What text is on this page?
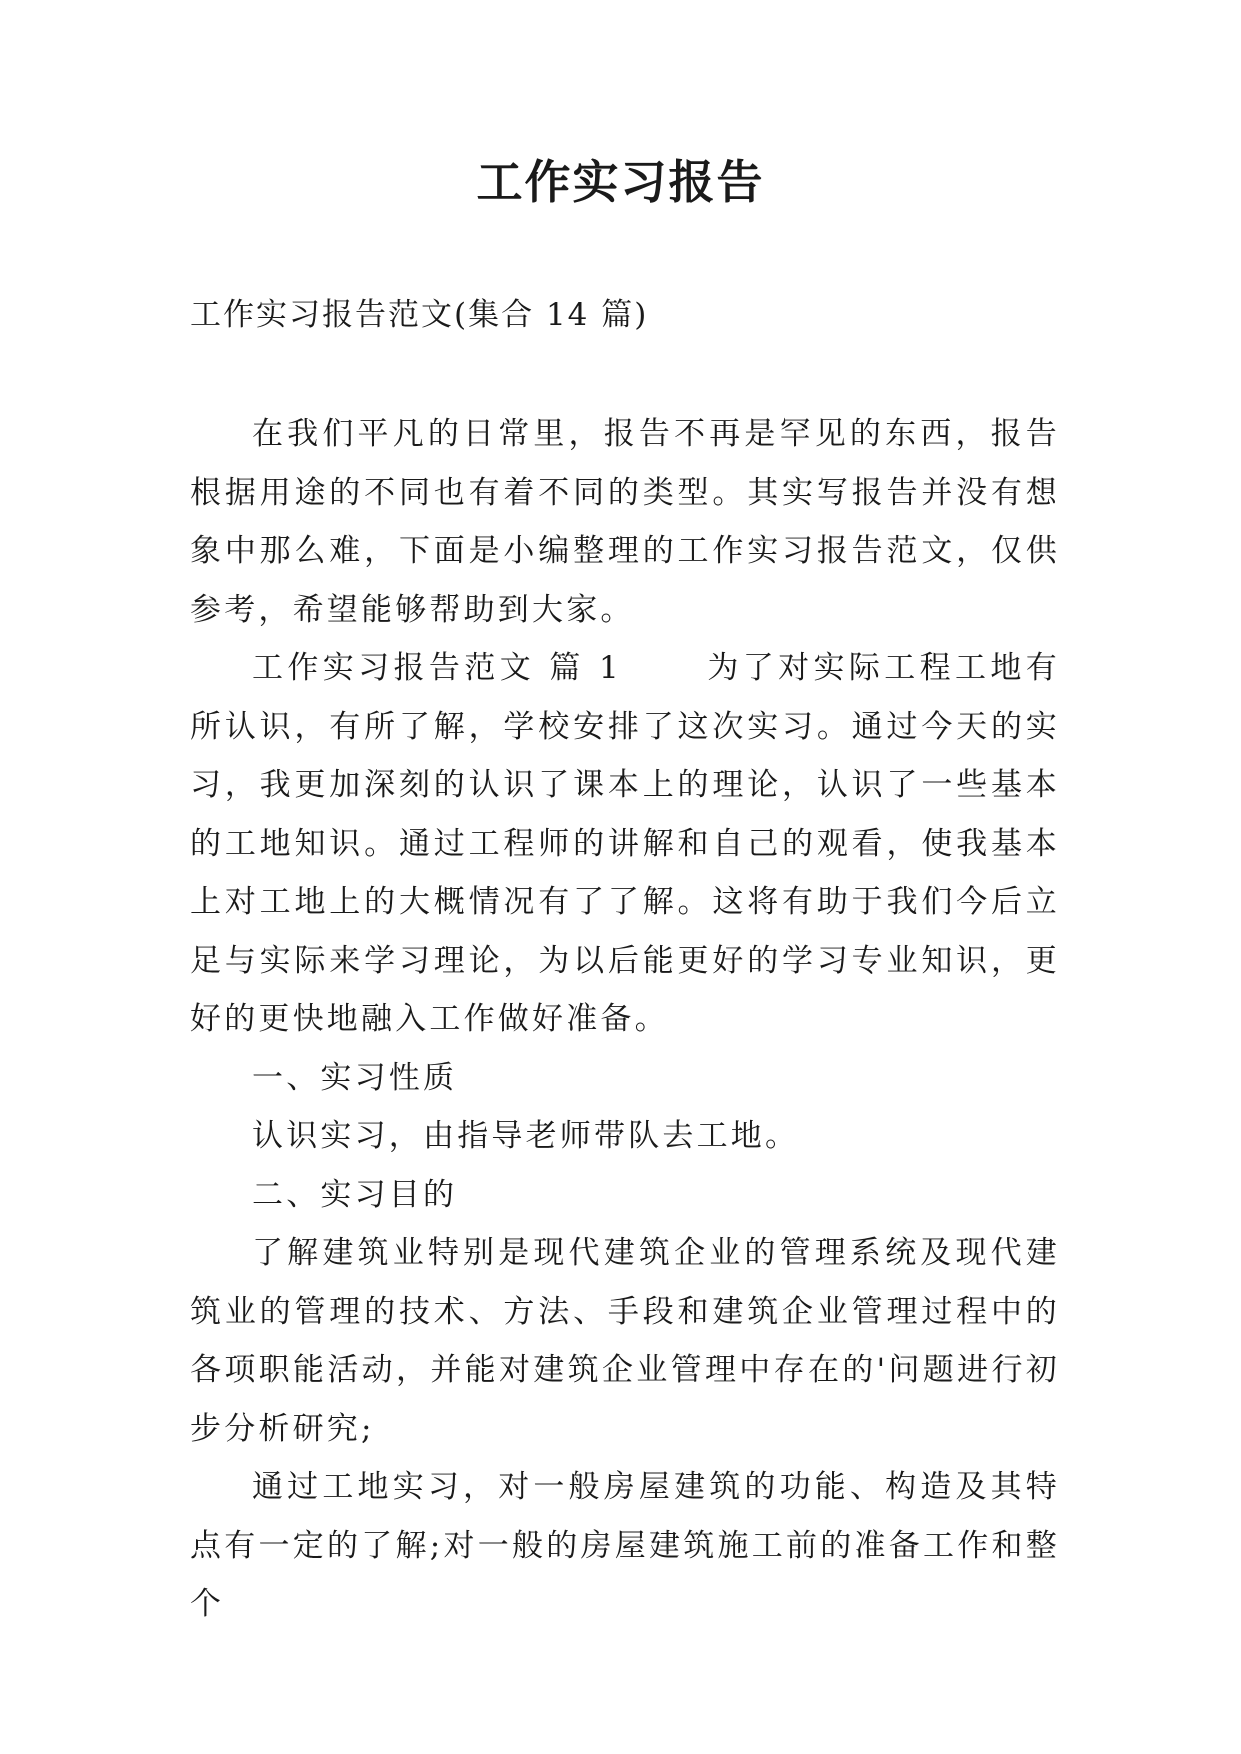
工作实习报告
工作实习报告范文(集合 14 篇)

在我们平凡的日常里，报告不再是罕见的东西，报告根据用途的不同也有着不同的类型。其实写报告并没有想象中那么难，下面是小编整理的工作实习报告范文，仅供参考，希望能够帮助到大家。

工作实习报告范文 篇 1	为了对实际工程工地有所认识，有所了解，学校安排了这次实习。通过今天的实习，我更加深刻的认识了课本上的理论，认识了一些基本的工地知识。通过工程师的讲解和自己的观看，使我基本上对工地上的大概情况有了了解。这将有助于我们今后立足与实际来学习理论，为以后能更好的学习专业知识，更好的更快地融入工作做好准备。

一、实习性质

认识实习，由指导老师带队去工地。

二、实习目的

了解建筑业特别是现代建筑企业的管理系统及现代建筑业的管理的技术、方法、手段和建筑企业管理过程中的各项职能活动，并能对建筑企业管理中存在的'问题进行初步分析研究;

通过工地实习，对一般房屋建筑的功能、构造及其特点有一定的了解;对一般的房屋建筑施工前的准备工作和整个
